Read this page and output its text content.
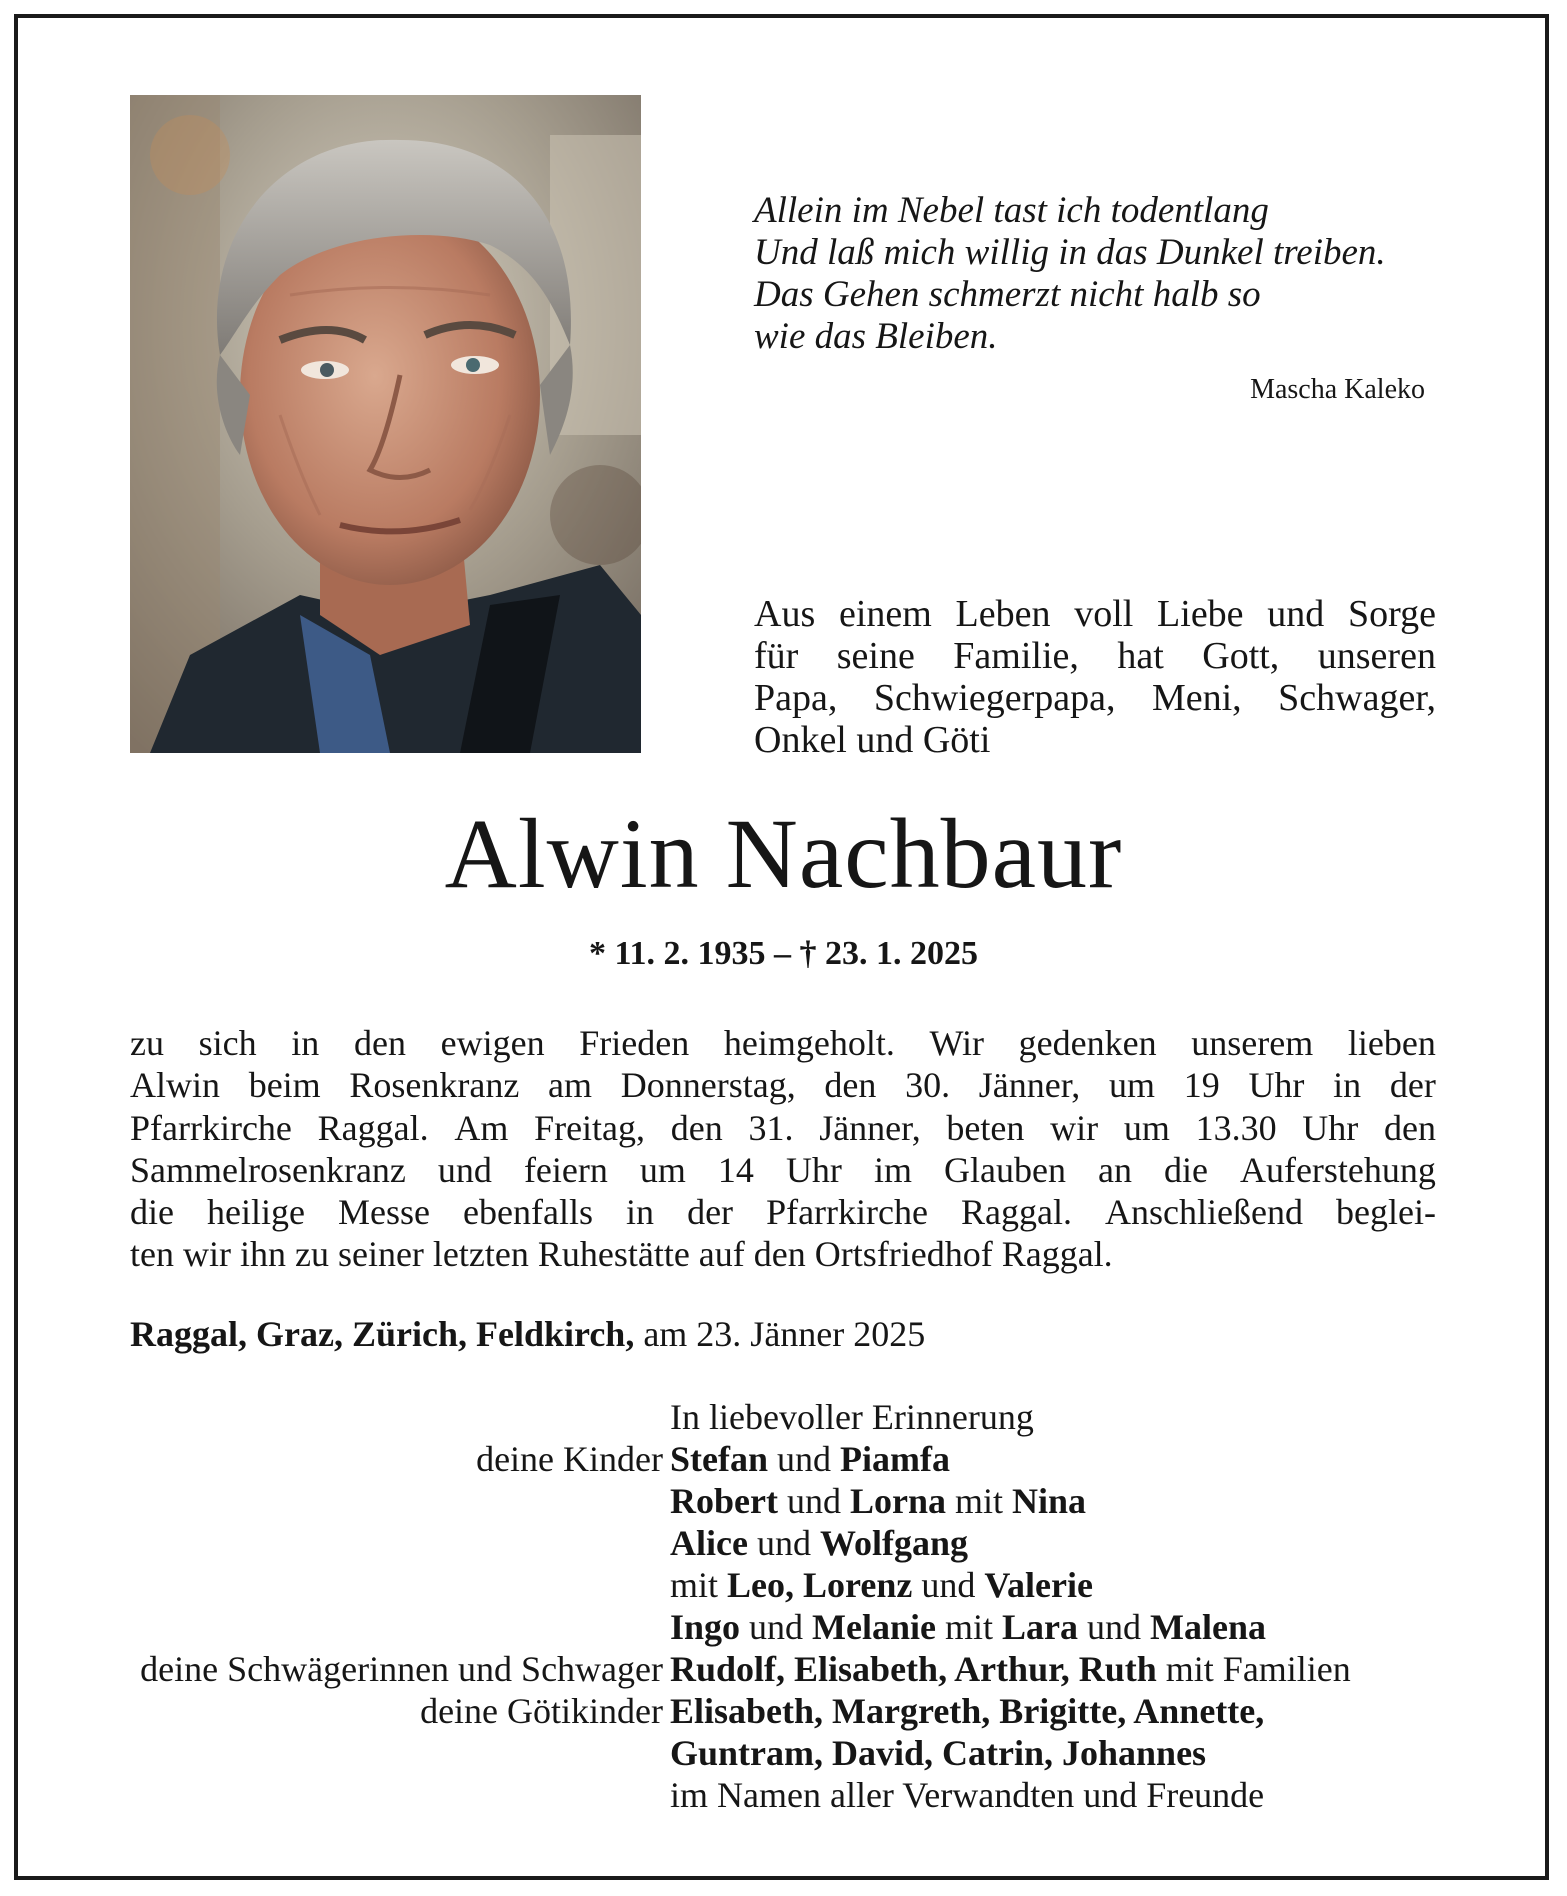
Allein im Nebel tast ich todentlang
Und laß mich willig in das Dunkel treiben.
Das Gehen schmerzt nicht halb so
wie das Bleiben.
Mascha Kaleko
Aus einem Leben voll Liebe und Sorge
für seine Familie, hat Gott, unseren
Papa, Schwiegerpapa, Meni, Schwager,
Onkel und Göti
Alwin Nachbaur
* 11. 2. 1935 – † 23. 1. 2025
zu sich in den ewigen Frieden heimgeholt. Wir gedenken unserem lieben
Alwin beim Rosenkranz am Donnerstag, den 30. Jänner, um 19 Uhr in der
Pfarrkirche Raggal. Am Freitag, den 31. Jänner, beten wir um 13.30 Uhr den
Sammelrosenkranz und feiern um 14 Uhr im Glauben an die Auferstehung
die heilige Messe ebenfalls in der Pfarrkirche Raggal. Anschließend beglei-
ten wir ihn zu seiner letzten Ruhestätte auf den Ortsfriedhof Raggal.
Raggal, Graz, Zürich, Feldkirch, am 23. Jänner 2025
In liebevoller Erinnerung
deine Kinder Stefan und Piamfa
Robert und Lorna mit Nina
Alice und Wolfgang
mit Leo, Lorenz und Valerie
Ingo und Melanie mit Lara und Malena
deine Schwägerinnen und Schwager Rudolf, Elisabeth, Arthur, Ruth mit Familien
deine Götikinder Elisabeth, Margreth, Brigitte, Annette,
Guntram, David, Catrin, Johannes
im Namen aller Verwandten und Freunde
